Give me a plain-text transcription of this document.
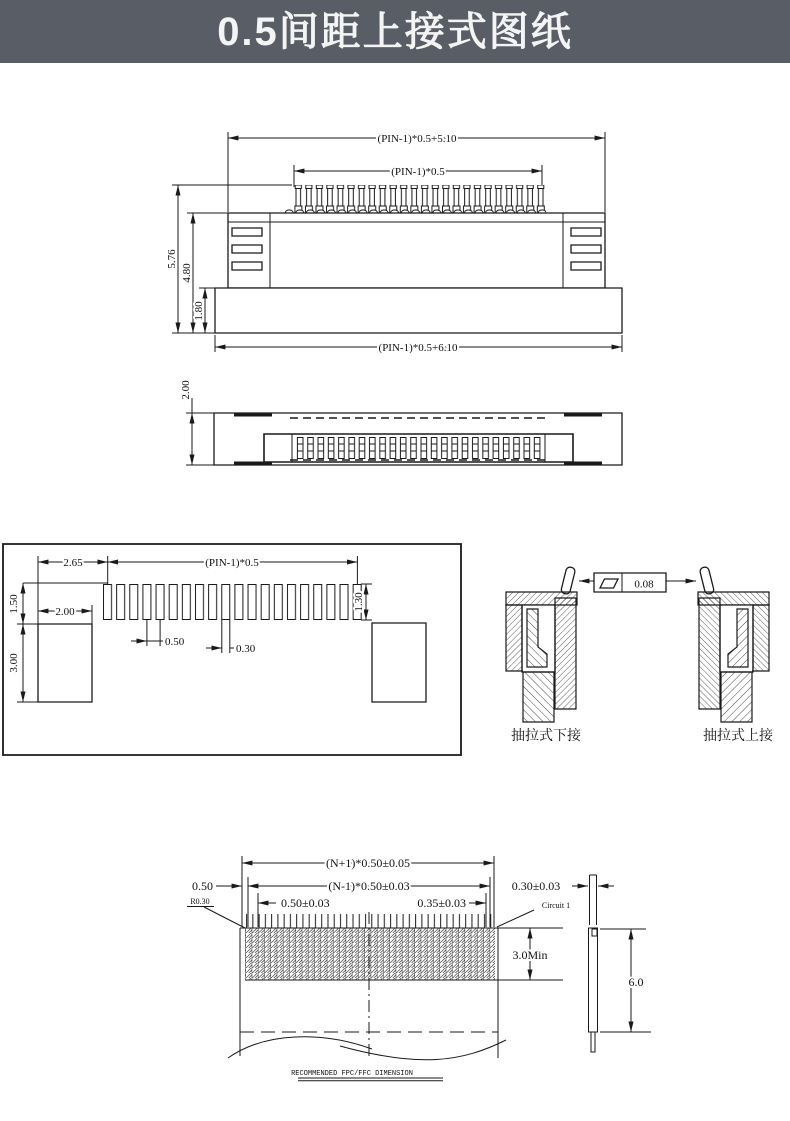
0.5间距上接式图纸
(PIN-1)*0.5+5.10
(PIN-1)*0.5
5.76
4.80
1.80
(PIN-1)*0.5+6.10
2.00
2.65	(PIN-1)*0.5
1.50
3.00
2.00
1.30
0.50
0.30
0.08
抽拉式下接	抽拉式上接
(N+1)*0.50±0.05
(N-1)*0.50±0.03
0.50
R0.30	0.50±0.03	0.35±0.03
0.30±0.03
Circuit 1
3.0Min
RECOMMENDED FPC/FFC DIMENSION
6.0
